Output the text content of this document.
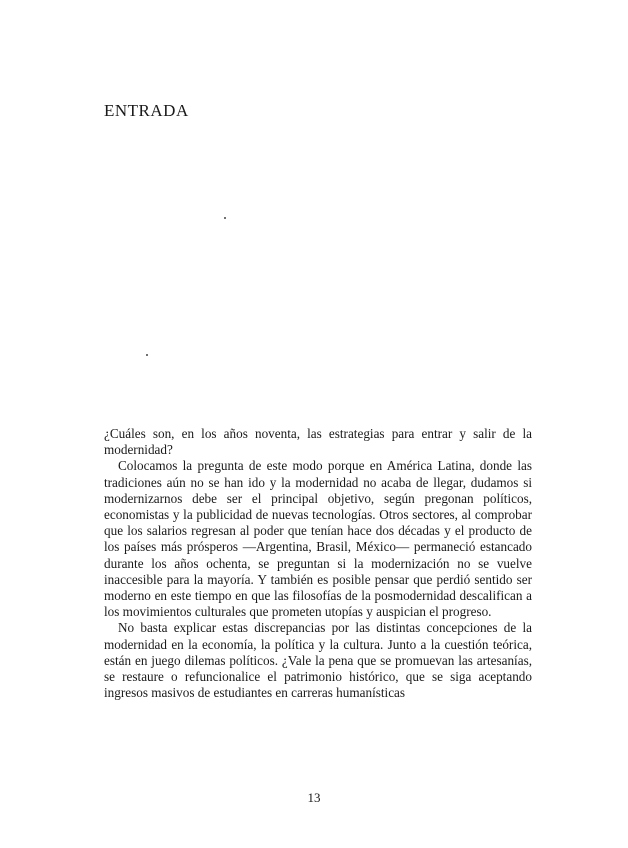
ENTRADA

¿Cuáles son, en los años noventa, las estrategias para entrar y salir de la modernidad?

Colocamos la pregunta de este modo porque en América Latina, donde las tradiciones aún no se han ido y la modernidad no acaba de llegar, dudamos si modernizarnos debe ser el principal objetivo, según pregonan políticos, economistas y la publicidad de nuevas tecnologías. Otros sectores, al comprobar que los salarios regresan al poder que tenían hace dos décadas y el producto de los países más prósperos —Argentina, Brasil, México— permaneció estancado durante los años ochenta, se preguntan si la modernización no se vuelve inaccesible para la mayoría. Y también es posible pensar que perdió sentido ser moderno en este tiempo en que las filosofías de la posmodernidad descalifican a los movimientos culturales que prometen utopías y auspician el progreso.

No basta explicar estas discrepancias por las distintas concepciones de la modernidad en la economía, la política y la cultura. Junto a la cuestión teórica, están en juego dilemas políticos. ¿Vale la pena que se promuevan las artesanías, se restaure o refuncionalice el patrimonio histórico, que se siga aceptando ingresos masivos de estudiantes en carreras humanísticas

13
